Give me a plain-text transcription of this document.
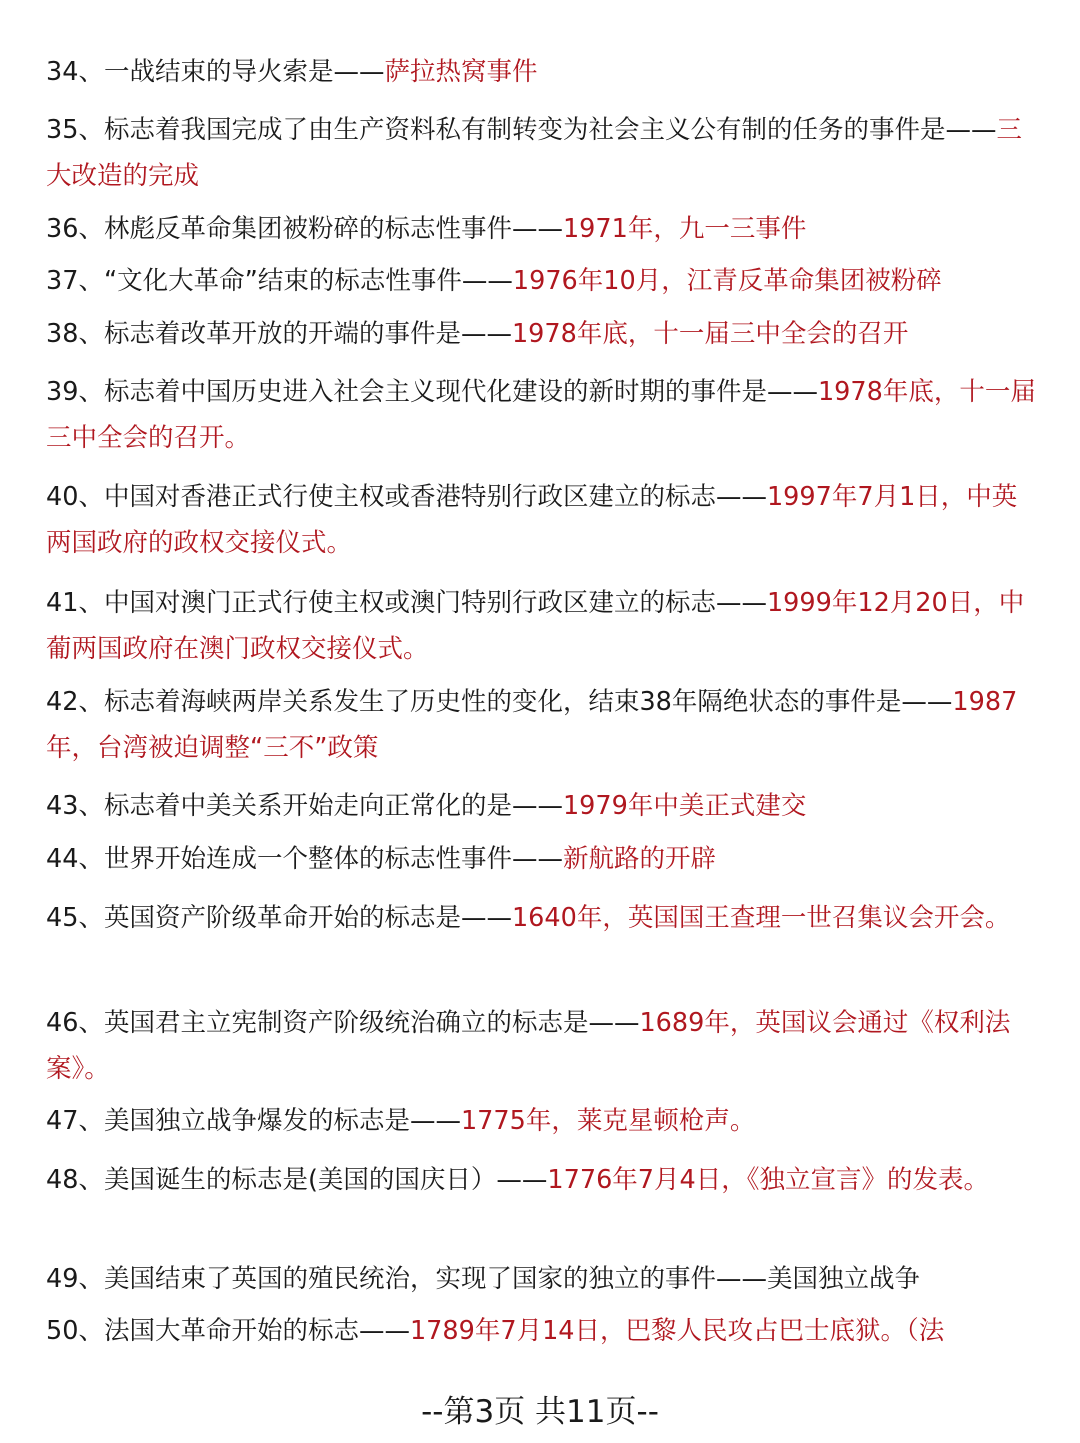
34、一战结束的导火索是——萨拉热窝事件

35、标志着我国完成了由生产资料私有制转变为社会主义公有制的任务的事件是——三大改造的完成

36、林彪反革命集团被粉碎的标志性事件——1971年，九一三事件

37、“文化大革命”结束的标志性事件——1976年10月，江青反革命集团被粉碎

38、标志着改革开放的开端的事件是——1978年底，十一届三中全会的召开

39、标志着中国历史进入社会主义现代化建设的新时期的事件是——1978年底，十一届三中全会的召开。

40、中国对香港正式行使主权或香港特别行政区建立的标志——1997年7月1日，中英两国政府的政权交接仪式。

41、中国对澳门正式行使主权或澳门特别行政区建立的标志——1999年12月20日，中葡两国政府在澳门政权交接仪式。

42、标志着海峡两岸关系发生了历史性的变化，结束38年隔绝状态的事件是——1987年，台湾被迫调整“三不”政策

43、标志着中美关系开始走向正常化的是——1979年中美正式建交

44、世界开始连成一个整体的标志性事件——新航路的开辟

45、英国资产阶级革命开始的标志是——1640年，英国国王查理一世召集议会开会。

46、英国君主立宪制资产阶级统治确立的标志是——1689年，英国议会通过《权利法案》。

47、美国独立战争爆发的标志是——1775年，莱克星顿枪声。

48、美国诞生的标志是(美国的国庆日）——1776年7月4日，《独立宣言》的发表。

49、美国结束了英国的殖民统治，实现了国家的独立的事件——美国独立战争

50、法国大革命开始的标志——1789年7月14日，巴黎人民攻占巴士底狱。（法

--第3页 共11页--
